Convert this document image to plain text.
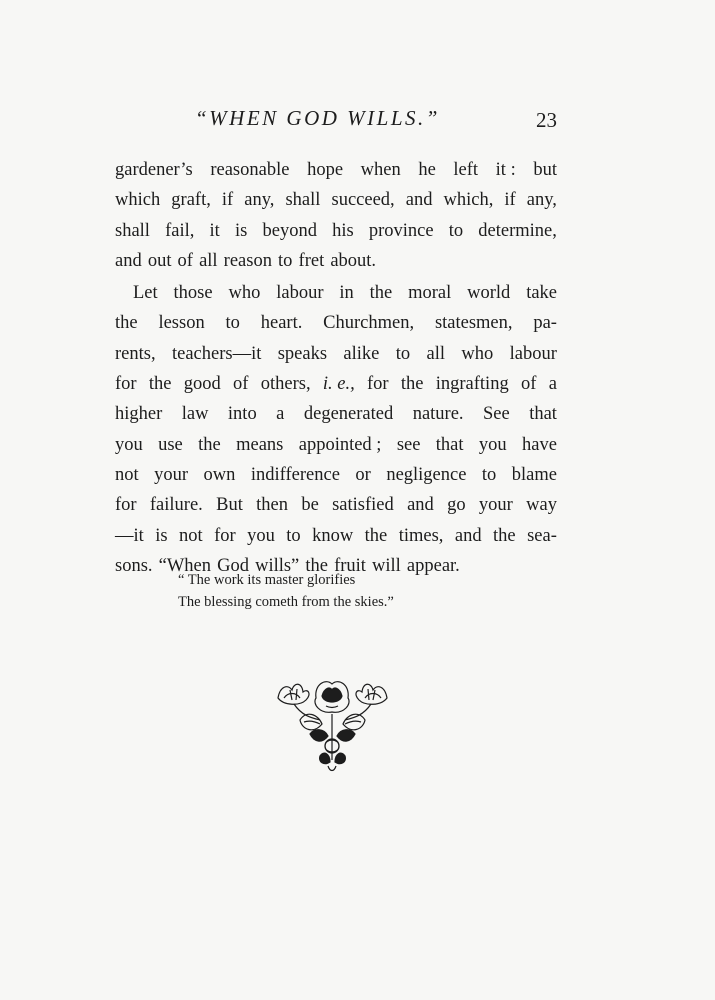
“WHEN GOD WILLS.”	23
gardener’s reasonable hope when he left it : but
which graft, if any, shall succeed, and which, if any,
shall fail, it is beyond his province to determine,
and out of all reason to fret about.
Let those who labour in the moral world take
the lesson to heart. Churchmen, statesmen, pa-
rents, teachers—it speaks alike to all who labour
for the good of others, i. e., for the ingrafting of a
higher law into a degenerated nature. See that
you use the means appointed ; see that you have
not your own indifference or negligence to blame
for failure. But then be satisfied and go your way
—it is not for you to know the times, and the sea-
sons. “When God wills” the fruit will appear.
“ The work its master glorifies
The blessing cometh from the skies.”
